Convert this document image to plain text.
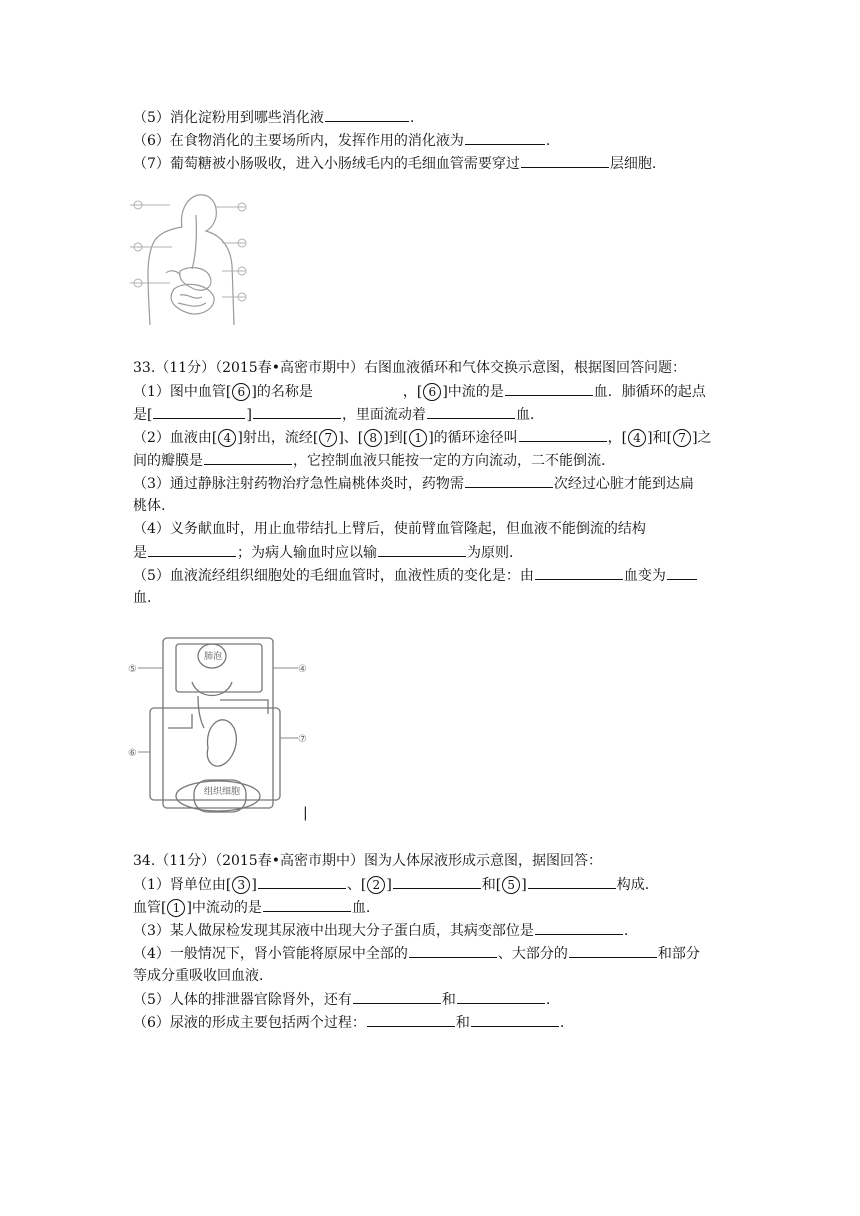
（5）消化淀粉用到哪些消化液	.
（6）在食物消化的主要场所内，发挥作用的消化液为	.
（7）葡萄糖被小肠吸收，进入小肠绒毛内的毛细血管需要穿过	层细胞.
33.（11分）（2015春•高密市期中）右图血液循环和气体交换示意图，根据图回答问题：
（1）图中血管[ 6 ]的名称是	，[ 6 ]中流的是	血．肺循环的起点
是[	]	，里面流动着	血.
（2）血液由[ 4 ]射出，流经[ 7 ]、[ 8 ]到[ 1 ]的循环途径叫	，[ 4 ]和[ 7 ]之
间的瓣膜是	，它控制血液只能按一定的方向流动，二不能倒流.
（3）通过静脉注射药物治疗急性扁桃体炎时，药物需	次经过心脏才能到达扁
桃体.
（4）义务献血时，用止血带结扎上臂后，使前臂血管隆起，但血液不能倒流的结构
是	；为病人输血时应以输	为原则.
（5）血液流经组织细胞处的毛细血管时，血液性质的变化是：由	血变为
血.
肺泡
组织细胞
⑤	④
⑥
⑦
|
34.（11分）（2015春•高密市期中）图为人体尿液形成示意图，据图回答：
（1）肾单位由[ 3 ]	、[ 2 ]	和[ 5 ]	构成.
血管[ 1 ]中流动的是	血.
（3）某人做尿检发现其尿液中出现大分子蛋白质，其病变部位是	.
（4）一般情况下，肾小管能将原尿中全部的	、大部分的	和部分
等成分重吸收回血液.
（5）人体的排泄器官除肾外，还有	和	.
（6）尿液的形成主要包括两个过程：	和	.
